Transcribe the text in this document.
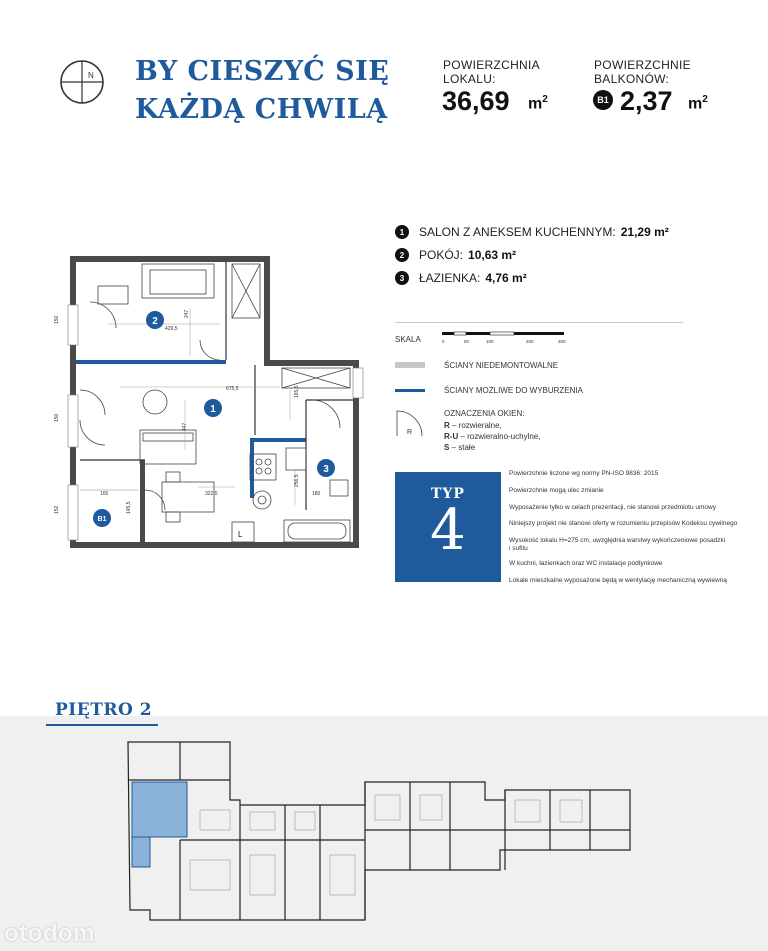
N BY CIESZYĆ SIĘ
KAŻDĄ CHWILĄ
POWIERZCHNIA
LOKALU:
36,69 $m^2$
POWIERZCHNIE
BALKONÓW:
B1 2,37 $m^2$
1	SALON Z ANEKSEM KUCHENNYM: 21,29 m²
2	POKÓJ: 10,63 m²
3	ŁAZIENKA: 4,76 m²
SKALA	0	50	100	200	300
ŚCIANY NIEDEMONTOWALNE
ŚCIANY MOŻLIWE DO WYBURZENIA
R
OZNACZENIA OKIEN:
R – rozwieralne,
R-U – rozwieralno-uchylne,
S – stałe
TYP
4
Powierzchnie liczone wg normy PN-ISO 9836: 2015
Powierzchnie mogą ulec zmianie
Wyposażenie tylko w celach prezentacji, nie stanowi przedmiotu umowy
Niniejszy projekt nie stanowi oferty w rozumieniu przepisów Kodeksu cywilnego
Wysokość lokalu H=275 cm, uwzględnia warstwy wykończeniowe posadzki
i sufitu
W kuchni, łazienkach oraz WC instalacje podtynkowe
Lokale mieszkalne wyposażone będą w wentylację mechaniczną wywiewną
429,5
675,5
322,5
447
247
180
256,5
165
145,5
150
150
152
165,5
2
1
3
B1
L
PIĘTRO 2
otodom
